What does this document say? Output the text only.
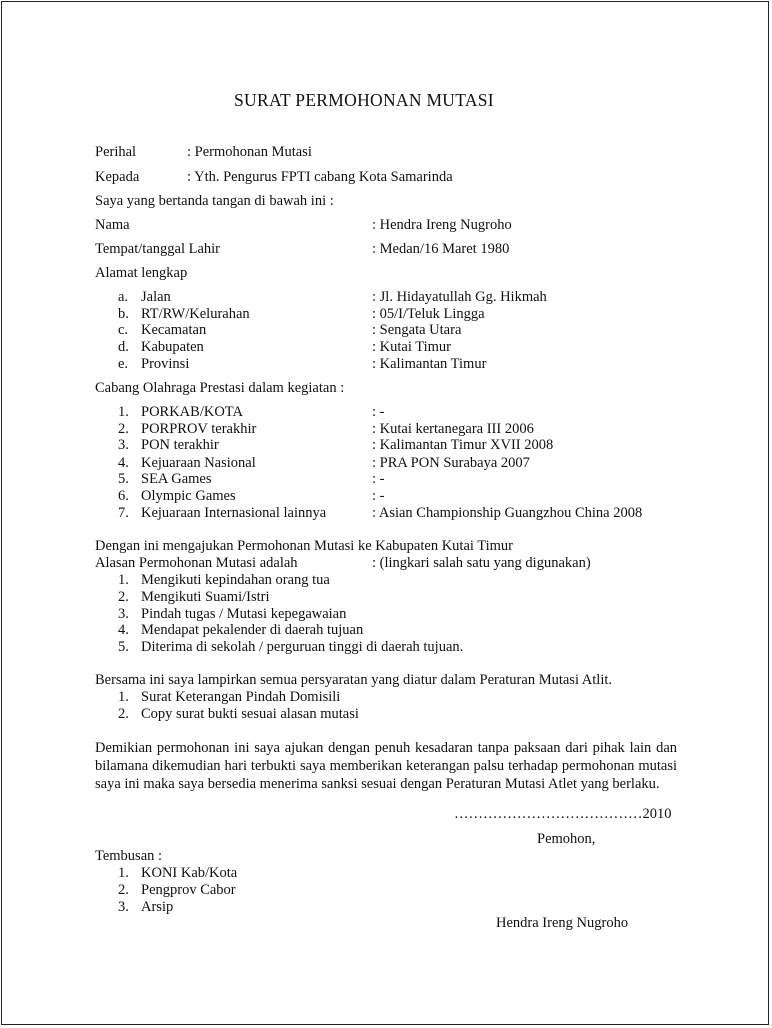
SURAT PERMOHONAN MUTASI
Perihal	: Permohonan Mutasi
Kepada	: Yth. Pengurus FPTI cabang Kota Samarinda
Saya yang bertanda tangan di bawah ini :
Nama	: Hendra Ireng Nugroho
Tempat/tanggal Lahir	: Medan/16 Maret 1980
Alamat lengkap
a. Jalan	: Jl. Hidayatullah Gg. Hikmah
b. RT/RW/Kelurahan	: 05/I/Teluk Lingga
c. Kecamatan	: Sengata Utara
d. Kabupaten	: Kutai Timur
e. Provinsi	: Kalimantan Timur
Cabang Olahraga Prestasi dalam kegiatan :
1. PORKAB/KOTA	: -
2. PORPROV terakhir	: Kutai kertanegara III 2006
3. PON terakhir	: Kalimantan Timur XVII 2008
4. Kejuaraan Nasional	: PRA PON Surabaya 2007
5. SEA Games	: -
6. Olympic Games	: -
7. Kejuaraan Internasional lainnya	: Asian Championship Guangzhou China 2008
Dengan ini mengajukan Permohonan Mutasi ke Kabupaten Kutai Timur
Alasan Permohonan Mutasi adalah	: (lingkari salah satu yang digunakan)
1. Mengikuti kepindahan orang tua
2. Mengikuti Suami/Istri
3. Pindah tugas / Mutasi kepegawaian
4. Mendapat pekalender di daerah tujuan
5. Diterima di sekolah / perguruan tinggi di daerah tujuan.
Bersama ini saya lampirkan semua persyaratan yang diatur dalam Peraturan Mutasi Atlit.
1. Surat Keterangan Pindah Domisili
2. Copy surat bukti sesuai alasan mutasi
Demikian permohonan ini saya ajukan dengan penuh kesadaran tanpa paksaan dari pihak lain dan bilamana dikemudian hari terbukti saya memberikan keterangan palsu terhadap permohonan mutasi saya ini maka saya bersedia menerima sanksi sesuai dengan Peraturan Mutasi Atlet yang berlaku.
…………………………………2010
Pemohon,
Tembusan :
1. KONI Kab/Kota
2. Pengprov Cabor
3. Arsip
Hendra Ireng Nugroho
